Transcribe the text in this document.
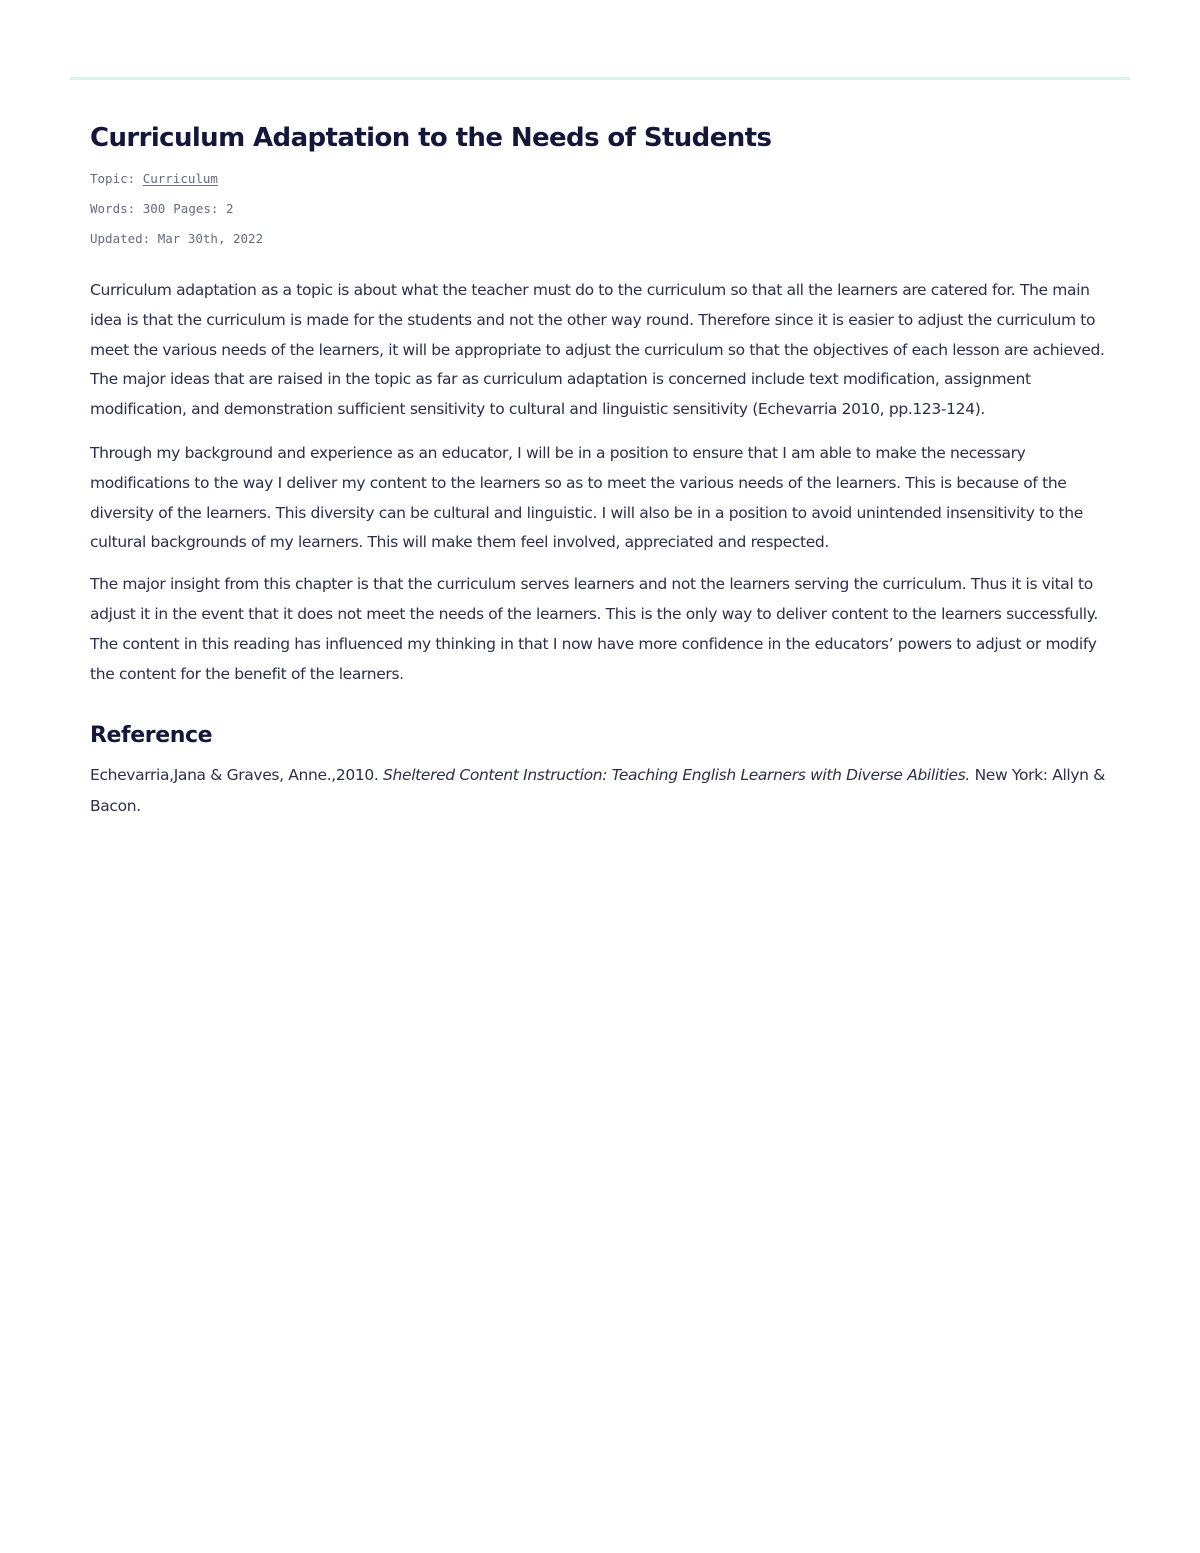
Curriculum Adaptation to the Needs of Students
Topic: Curriculum
Words: 300 Pages: 2
Updated: Mar 30th, 2022

Curriculum adaptation as a topic is about what the teacher must do to the curriculum so that all the learners are catered for. The main idea is that the curriculum is made for the students and not the other way round. Therefore since it is easier to adjust the curriculum to meet the various needs of the learners, it will be appropriate to adjust the curriculum so that the objectives of each lesson are achieved. The major ideas that are raised in the topic as far as curriculum adaptation is concerned include text modification, assignment modification, and demonstration sufficient sensitivity to cultural and linguistic sensitivity (Echevarria 2010, pp.123-124).

Through my background and experience as an educator, I will be in a position to ensure that I am able to make the necessary modifications to the way I deliver my content to the learners so as to meet the various needs of the learners. This is because of the diversity of the learners. This diversity can be cultural and linguistic. I will also be in a position to avoid unintended insensitivity to the cultural backgrounds of my learners. This will make them feel involved, appreciated and respected.

The major insight from this chapter is that the curriculum serves learners and not the learners serving the curriculum. Thus it is vital to adjust it in the event that it does not meet the needs of the learners. This is the only way to deliver content to the learners successfully. The content in this reading has influenced my thinking in that I now have more confidence in the educators’ powers to adjust or modify the content for the benefit of the learners.

Reference

Echevarria,Jana & Graves, Anne.,2010. Sheltered Content Instruction: Teaching English Learners with Diverse Abilities. New York: Allyn & Bacon.
